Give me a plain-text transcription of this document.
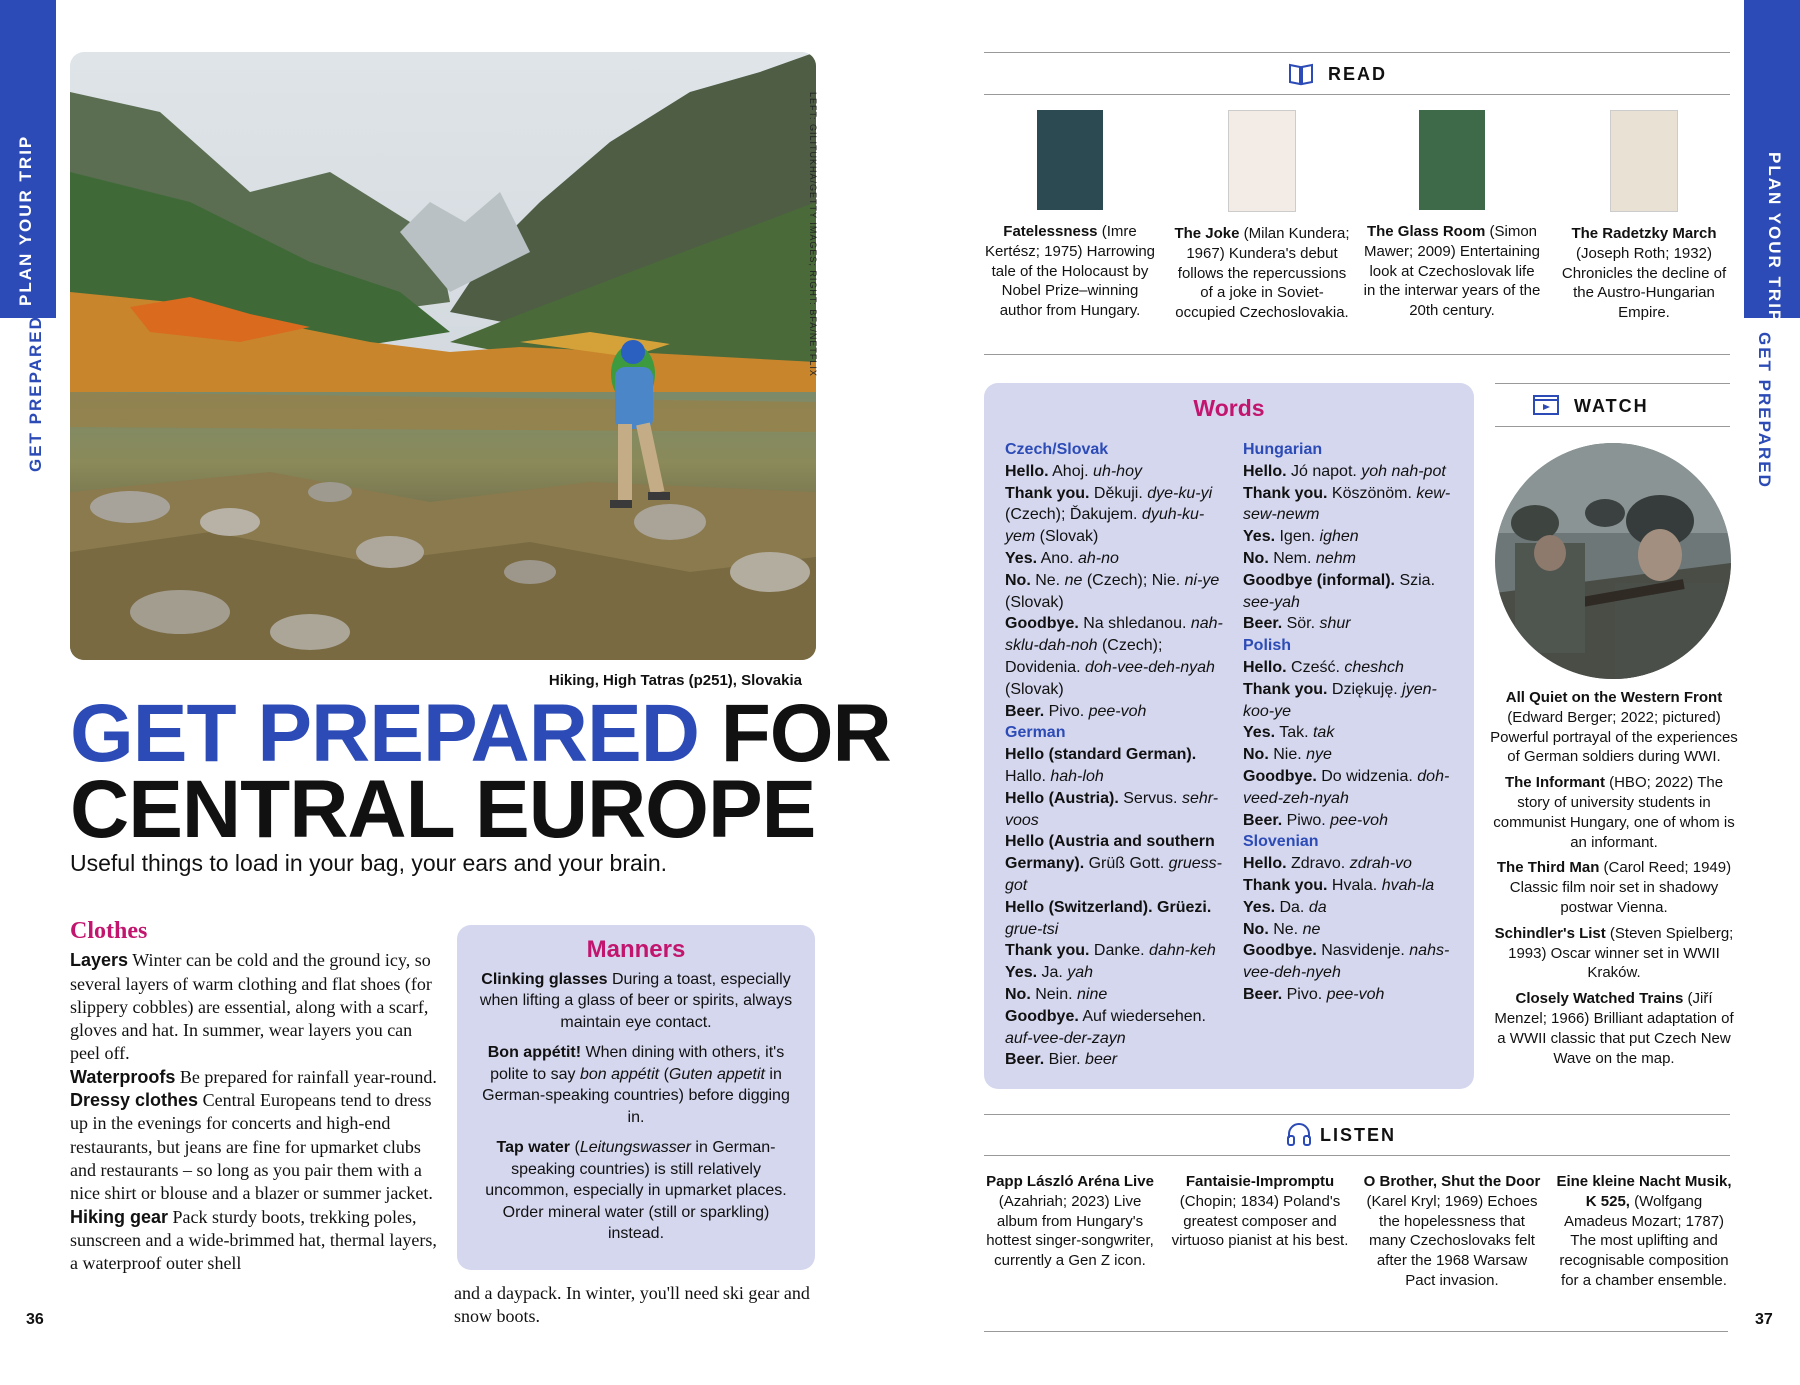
PLAN YOUR TRIP
GET PREPARED
PLAN YOUR TRIP
GET PREPARED
36	37
LEFT: GILITUKHA/GETTY IMAGES; RIGHT: BFA/NETFLIX
Hiking, High Tatras (p251), Slovakia
GET PREPARED FOR
CENTRAL EUROPE
Useful things to load in your bag, your ears and your brain.
Clothes
Layers Winter can be cold and the ground icy, so several layers of warm clothing and flat shoes (for slippery cobbles) are essential, along with a scarf, gloves and hat. In summer, wear layers you can peel off.
Waterproofs Be prepared for rainfall year-round.
Dressy clothes Central Europeans tend to dress up in the evenings for concerts and high-end restaurants, but jeans are fine for upmarket clubs and restaurants – so long as you pair them with a nice shirt or blouse and a blazer or summer jacket.
Hiking gear Pack sturdy boots, trekking poles, sunscreen and a wide-brimmed hat, thermal layers, a waterproof outer shell
and a daypack. In winter, you'll need ski gear and snow boots.
Manners

Clinking glasses During a toast, especially when lifting a glass of beer or spirits, always maintain eye contact.

Bon appétit! When dining with others, it's polite to say bon appétit (Guten appetit in German-speaking countries) before digging in.

Tap water (Leitungswasser in German-speaking countries) is still relatively uncommon, especially in upmarket places. Order mineral water (still or sparkling) instead.

READ
Fatelessness (Imre Kertész; 1975) Harrowing tale of the Holocaust by Nobel Prize–winning author from Hungary.
The Joke (Milan Kundera; 1967) Kundera's debut follows the repercussions of a joke in Soviet-occupied Czechoslovakia.
The Glass Room (Simon Mawer; 2009) Entertaining look at Czechoslovak life in the interwar years of the 20th century.
The Radetzky March (Joseph Roth; 1932) Chronicles the decline of the Austro-Hungarian Empire.
Words
Czech/Slovak
Hello. Ahoj. uh-hoy
Thank you. Děkuji. dye-ku-yi (Czech); Ďakujem. dyuh-ku-yem (Slovak)
Yes. Ano. ah-no
No. Ne. ne (Czech); Nie. ni-ye (Slovak)
Goodbye. Na shledanou. nah-sklu-dah-noh (Czech); Dovidenia. doh-vee-deh-nyah (Slovak)
Beer. Pivo. pee-voh
German
Hello (standard German). Hallo. hah-loh
Hello (Austria). Servus. sehr-voos
Hello (Austria and southern Germany). Grüß Gott. gruess-got
Hello (Switzerland). Grüezi. grue-tsi
Thank you. Danke. dahn-keh
Yes. Ja. yah
No. Nein. nine
Goodbye. Auf wiedersehen. auf-vee-der-zayn
Beer. Bier. beer
Hungarian
Hello. Jó napot. yoh nah-pot
Thank you. Köszönöm. kew-sew-newm
Yes. Igen. ighen
No. Nem. nehm
Goodbye (informal). Szia. see-yah
Beer. Sör. shur
Polish
Hello. Cześć. cheshch
Thank you. Dziękuję. jyen-koo-ye
Yes. Tak. tak
No. Nie. nye
Goodbye. Do widzenia. doh-veed-zeh-nyah
Beer. Piwo. pee-voh
Slovenian
Hello. Zdravo. zdrah-vo
Thank you. Hvala. hvah-la
Yes. Da. da
No. Ne. ne
Goodbye. Nasvidenje. nahs-vee-deh-nyeh
Beer. Pivo. pee-voh
WATCH

All Quiet on the Western Front (Edward Berger; 2022; pictured) Powerful portrayal of the experiences of German soldiers during WWI.

The Informant (HBO; 2022) The story of university students in communist Hungary, one of whom is an informant.

The Third Man (Carol Reed; 1949) Classic film noir set in shadowy postwar Vienna.

Schindler's List (Steven Spielberg; 1993) Oscar winner set in WWII Kraków.

Closely Watched Trains (Jiří Menzel; 1966) Brilliant adaptation of a WWII classic that put Czech New Wave on the map.

LISTEN
Papp László Aréna Live (Azahriah; 2023) Live album from Hungary's hottest singer-songwriter, currently a Gen Z icon.
Fantaisie-Impromptu (Chopin; 1834) Poland's greatest composer and virtuoso pianist at his best.
O Brother, Shut the Door (Karel Kryl; 1969) Echoes the hopelessness that many Czechoslovaks felt after the 1968 Warsaw Pact invasion.
Eine kleine Nacht Musik, K 525, (Wolfgang Amadeus Mozart; 1787) The most uplifting and recognisable composition for a chamber ensemble.
